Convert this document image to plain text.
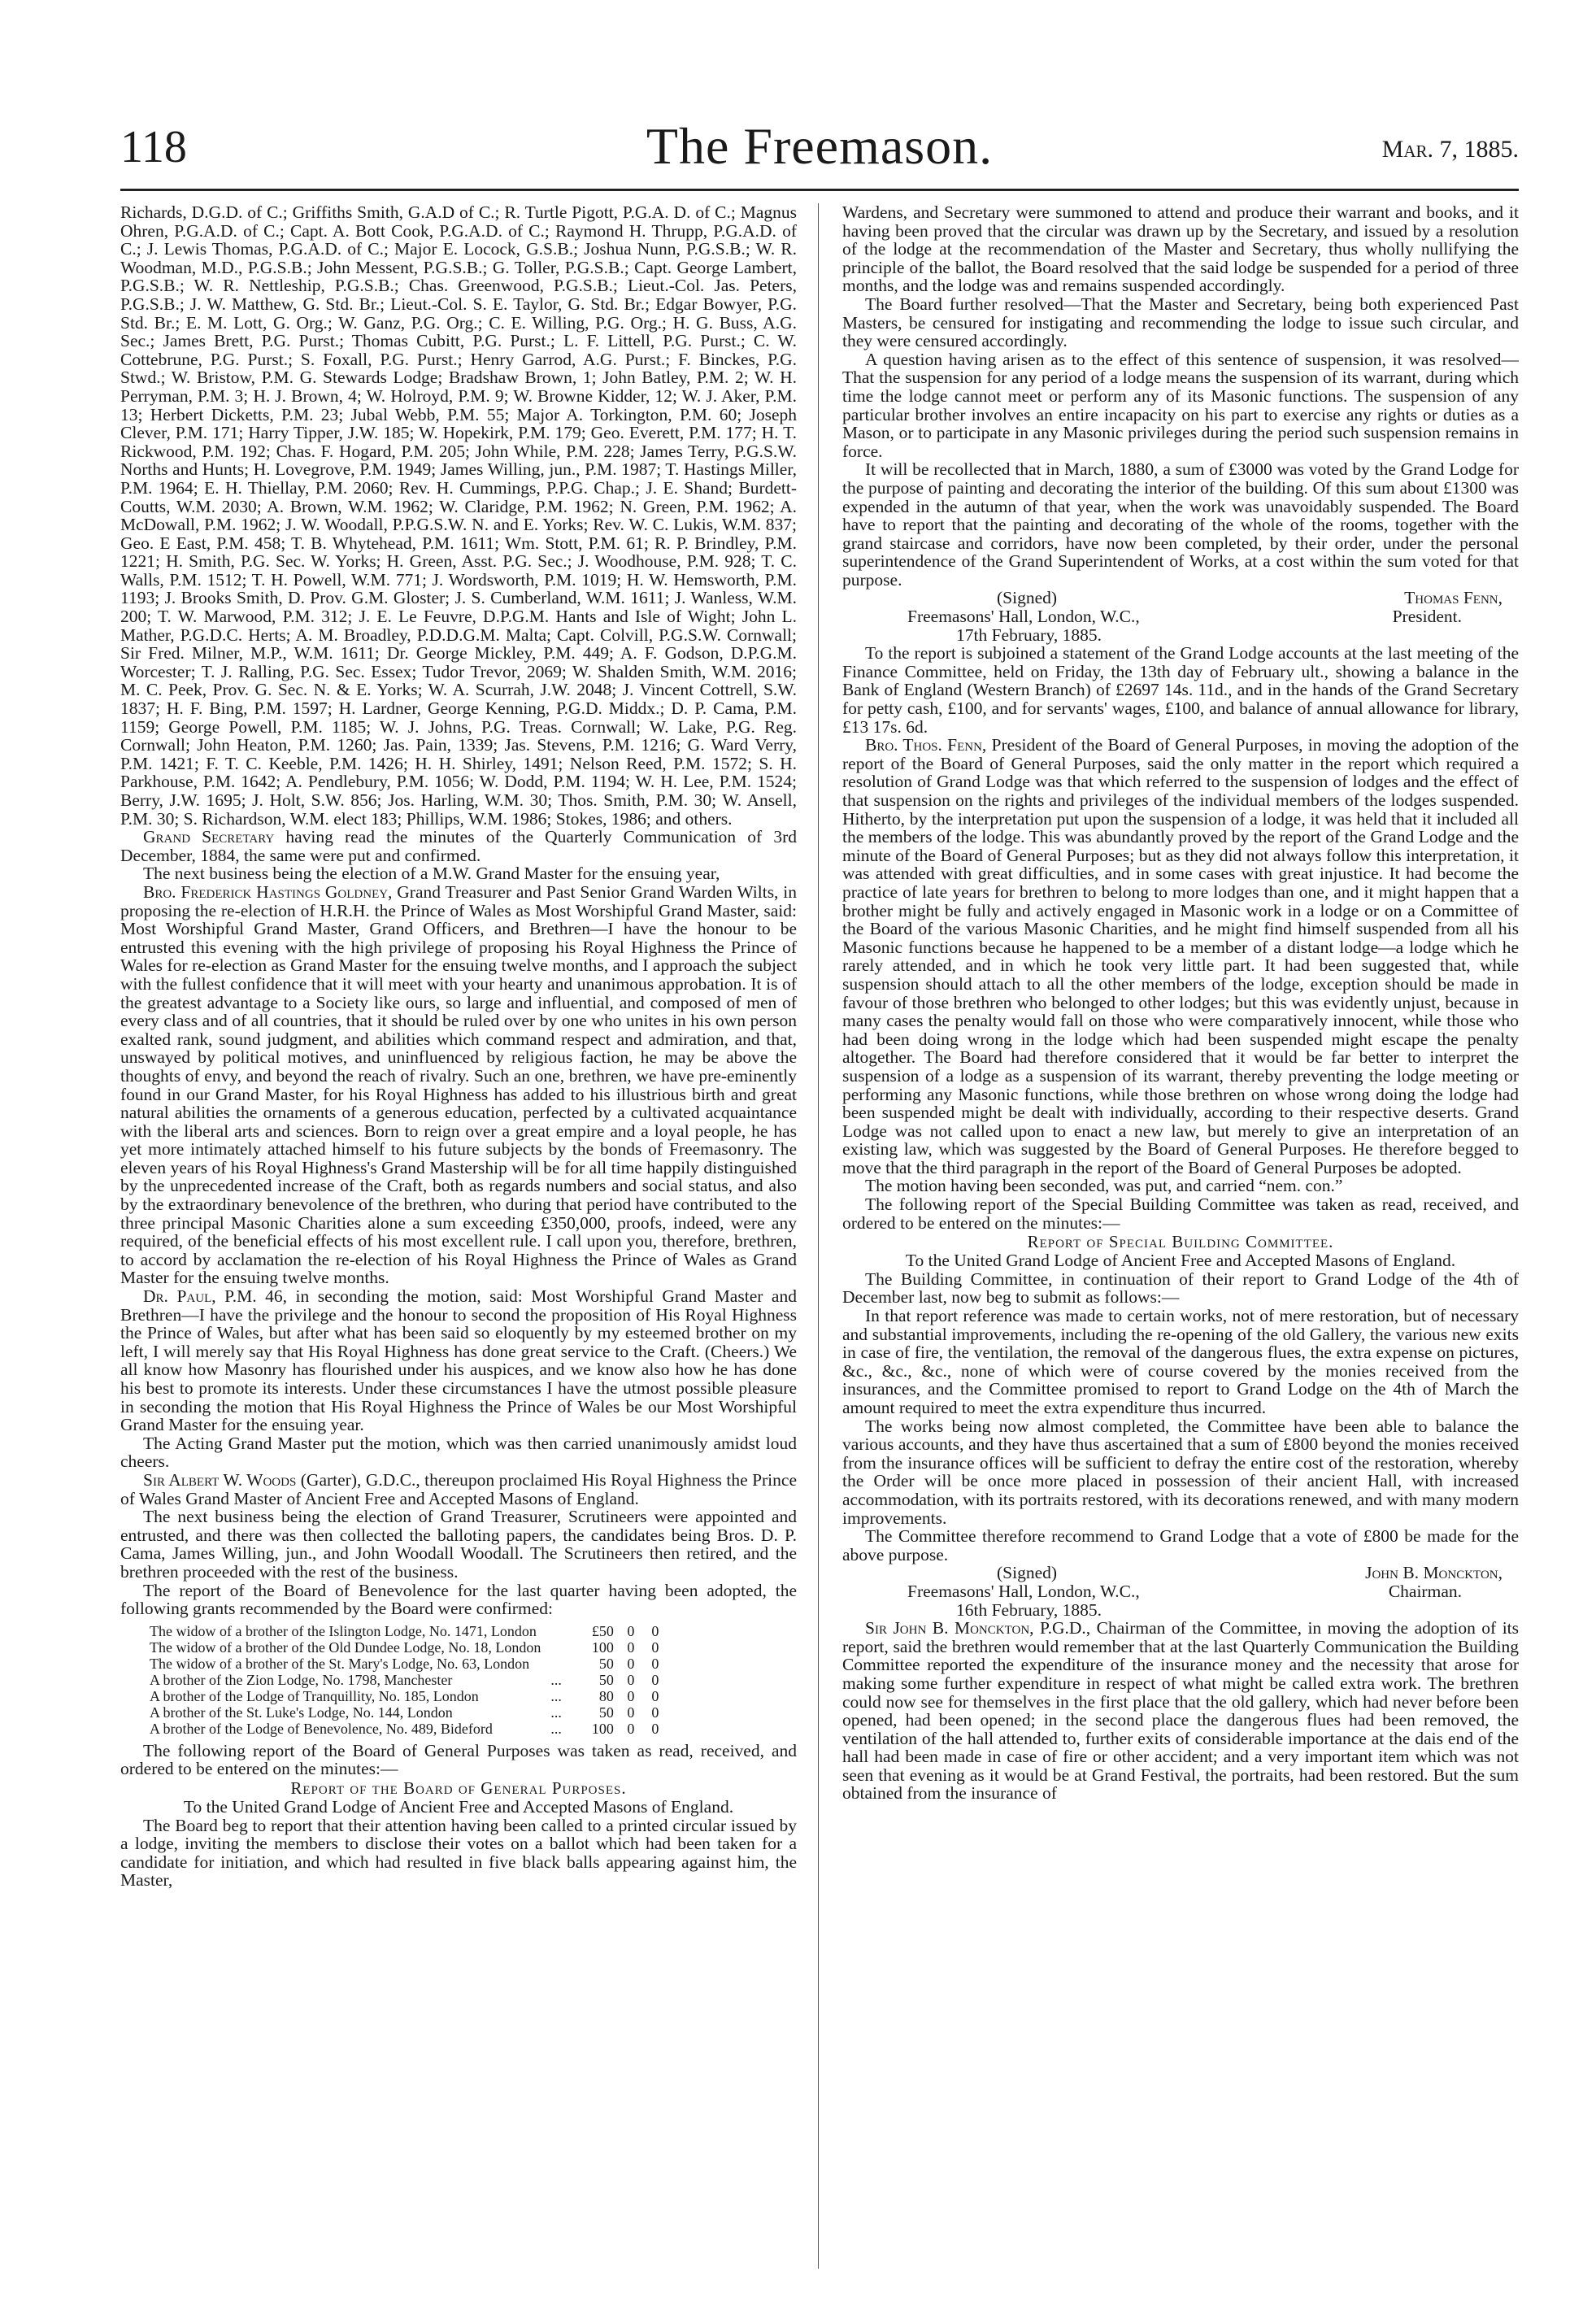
118	The Freemason.	Mar. 7, 1885.

Richards, D.G.D. of C.; Griffiths Smith, G.A.D of C.; R. Turtle Pigott, P.G.A. D. of C.; Magnus Ohren, P.G.A.D. of C.; Capt. A. Bott Cook, P.G.A.D. of C.; Raymond H. Thrupp, P.G.A.D. of C.; J. Lewis Thomas, P.G.A.D. of C.; Major E. Locock, G.S.B.; Joshua Nunn, P.G.S.B.; W. R. Woodman, M.D., P.G.S.B.; John Messent, P.G.S.B.; G. Toller, P.G.S.B.; Capt. George Lambert, P.G.S.B.; W. R. Nettleship, P.G.S.B.; Chas. Greenwood, P.G.S.B.; Lieut.-Col. Jas. Peters, P.G.S.B.; J. W. Matthew, G. Std. Br.; Lieut.-Col. S. E. Taylor, G. Std. Br.; Edgar Bowyer, P.G. Std. Br.; E. M. Lott, G. Org.; W. Ganz, P.G. Org.; C. E. Willing, P.G. Org.; H. G. Buss, A.G. Sec.; James Brett, P.G. Purst.; Thomas Cubitt, P.G. Purst.; L. F. Littell, P.G. Purst.; C. W. Cottebrune, P.G. Purst.; S. Foxall, P.G. Purst.; Henry Garrod, A.G. Purst.; F. Binckes, P.G. Stwd.; W. Bristow, P.M. G. Stewards Lodge; Bradshaw Brown, 1; John Batley, P.M. 2; W. H. Perryman, P.M. 3; H. J. Brown, 4; W. Holroyd, P.M. 9; W. Browne Kidder, 12; W. J. Aker, P.M. 13; Herbert Dicketts, P.M. 23; Jubal Webb, P.M. 55; Major A. Torkington, P.M. 60; Joseph Clever, P.M. 171; Harry Tipper, J.W. 185; W. Hopekirk, P.M. 179; Geo. Everett, P.M. 177; H. T. Rickwood, P.M. 192; Chas. F. Hogard, P.M. 205; John While, P.M. 228; James Terry, P.G.S.W. Norths and Hunts; H. Lovegrove, P.M. 1949; James Willing, jun., P.M. 1987; T. Hastings Miller, P.M. 1964; E. H. Thiellay, P.M. 2060; Rev. H. Cummings, P.P.G. Chap.; J. E. Shand; Burdett-Coutts, W.M. 2030; A. Brown, W.M. 1962; W. Claridge, P.M. 1962; N. Green, P.M. 1962; A. McDowall, P.M. 1962; J. W. Woodall, P.P.G.S.W. N. and E. Yorks; Rev. W. C. Lukis, W.M. 837; Geo. E East, P.M. 458; T. B. Whytehead, P.M. 1611; Wm. Stott, P.M. 61; R. P. Brindley, P.M. 1221; H. Smith, P.G. Sec. W. Yorks; H. Green, Asst. P.G. Sec.; J. Woodhouse, P.M. 928; T. C. Walls, P.M. 1512; T. H. Powell, W.M. 771; J. Wordsworth, P.M. 1019; H. W. Hemsworth, P.M. 1193; J. Brooks Smith, D. Prov. G.M. Gloster; J. S. Cumberland, W.M. 1611; J. Wanless, W.M. 200; T. W. Marwood, P.M. 312; J. E. Le Feuvre, D.P.G.M. Hants and Isle of Wight; John L. Mather, P.G.D.C. Herts; A. M. Broadley, P.D.D.G.M. Malta; Capt. Colvill, P.G.S.W. Cornwall; Sir Fred. Milner, M.P., W.M. 1611; Dr. George Mickley, P.M. 449; A. F. Godson, D.P.G.M. Worcester; T. J. Ralling, P.G. Sec. Essex; Tudor Trevor, 2069; W. Shalden Smith, W.M. 2016; M. C. Peek, Prov. G. Sec. N. & E. Yorks; W. A. Scurrah, J.W. 2048; J. Vincent Cottrell, S.W. 1837; H. F. Bing, P.M. 1597; H. Lardner, George Kenning, P.G.D. Middx.; D. P. Cama, P.M. 1159; George Powell, P.M. 1185; W. J. Johns, P.G. Treas. Cornwall; W. Lake, P.G. Reg. Cornwall; John Heaton, P.M. 1260; Jas. Pain, 1339; Jas. Stevens, P.M. 1216; G. Ward Verry, P.M. 1421; F. T. C. Keeble, P.M. 1426; H. H. Shirley, 1491; Nelson Reed, P.M. 1572; S. H. Parkhouse, P.M. 1642; A. Pendlebury, P.M. 1056; W. Dodd, P.M. 1194; W. H. Lee, P.M. 1524; Berry, J.W. 1695; J. Holt, S.W. 856; Jos. Harling, W.M. 30; Thos. Smith, P.M. 30; W. Ansell, P.M. 30; S. Richardson, W.M. elect 183; Phillips, W.M. 1986; Stokes, 1986; and others.

Grand Secretary having read the minutes of the Quarterly Communication of 3rd December, 1884, the same were put and confirmed.

The next business being the election of a M.W. Grand Master for the ensuing year,

Bro. Frederick Hastings Goldney, Grand Treasurer and Past Senior Grand Warden Wilts, in proposing the re-election of H.R.H. the Prince of Wales as Most Worshipful Grand Master, said: Most Worshipful Grand Master, Grand Officers, and Brethren—I have the honour to be entrusted this evening with the high privilege of proposing his Royal Highness the Prince of Wales for re-election as Grand Master for the ensuing twelve months, and I approach the subject with the fullest confidence that it will meet with your hearty and unanimous approbation. It is of the greatest advantage to a Society like ours, so large and influential, and composed of men of every class and of all countries, that it should be ruled over by one who unites in his own person exalted rank, sound judgment, and abilities which command respect and admiration, and that, unswayed by political motives, and uninfluenced by religious faction, he may be above the thoughts of envy, and beyond the reach of rivalry. Such an one, brethren, we have pre-eminently found in our Grand Master, for his Royal Highness has added to his illustrious birth and great natural abilities the ornaments of a generous education, perfected by a cultivated acquaintance with the liberal arts and sciences. Born to reign over a great empire and a loyal people, he has yet more intimately attached himself to his future subjects by the bonds of Freemasonry. The eleven years of his Royal Highness's Grand Mastership will be for all time happily distinguished by the unprecedented increase of the Craft, both as regards numbers and social status, and also by the extraordinary benevolence of the brethren, who during that period have contributed to the three principal Masonic Charities alone a sum exceeding £350,000, proofs, indeed, were any required, of the beneficial effects of his most excellent rule. I call upon you, therefore, brethren, to accord by acclamation the re-election of his Royal Highness the Prince of Wales as Grand Master for the ensuing twelve months.

Dr. Paul, P.M. 46, in seconding the motion, said: Most Worshipful Grand Master and Brethren—I have the privilege and the honour to second the proposition of His Royal Highness the Prince of Wales, but after what has been said so eloquently by my esteemed brother on my left, I will merely say that His Royal Highness has done great service to the Craft. (Cheers.) We all know how Masonry has flourished under his auspices, and we know also how he has done his best to promote its interests. Under these circumstances I have the utmost possible pleasure in seconding the motion that His Royal Highness the Prince of Wales be our Most Worshipful Grand Master for the ensuing year.

The Acting Grand Master put the motion, which was then carried unanimously amidst loud cheers.

Sir Albert W. Woods (Garter), G.D.C., thereupon proclaimed His Royal Highness the Prince of Wales Grand Master of Ancient Free and Accepted Masons of England.

The next business being the election of Grand Treasurer, Scrutineers were appointed and entrusted, and there was then collected the balloting papers, the candidates being Bros. D. P. Cama, James Willing, jun., and John Woodall Woodall. The Scrutineers then retired, and the brethren proceeded with the rest of the business.

The report of the Board of Benevolence for the last quarter having been adopted, the following grants recommended by the Board were confirmed:

The widow of a brother of the Islington Lodge, No. 1471, London		£50	0	0
The widow of a brother of the Old Dundee Lodge, No. 18, London		100	0	0
The widow of a brother of the St. Mary's Lodge, No. 63, London		50	0	0
A brother of the Zion Lodge, No. 1798, Manchester	...	50	0	0
A brother of the Lodge of Tranquillity, No. 185, London	...	80	0	0
A brother of the St. Luke's Lodge, No. 144, London	...	50	0	0
A brother of the Lodge of Benevolence, No. 489, Bideford	...	100	0	0

The following report of the Board of General Purposes was taken as read, received, and ordered to be entered on the minutes:—

Report of the Board of General Purposes.

To the United Grand Lodge of Ancient Free and Accepted Masons of England.

The Board beg to report that their attention having been called to a printed circular issued by a lodge, inviting the members to disclose their votes on a ballot which had been taken for a candidate for initiation, and which had resulted in five black balls appearing against him, the Master,

Wardens, and Secretary were summoned to attend and produce their warrant and books, and it having been proved that the circular was drawn up by the Secretary, and issued by a resolution of the lodge at the recommendation of the Master and Secretary, thus wholly nullifying the principle of the ballot, the Board resolved that the said lodge be suspended for a period of three months, and the lodge was and remains suspended accordingly.

The Board further resolved—That the Master and Secretary, being both experienced Past Masters, be censured for instigating and recommending the lodge to issue such circular, and they were censured accordingly.

A question having arisen as to the effect of this sentence of suspension, it was resolved—That the suspension for any period of a lodge means the suspension of its warrant, during which time the lodge cannot meet or perform any of its Masonic functions. The suspension of any particular brother involves an entire incapacity on his part to exercise any rights or duties as a Mason, or to participate in any Masonic privileges during the period such suspension remains in force.

It will be recollected that in March, 1880, a sum of £3000 was voted by the Grand Lodge for the purpose of painting and decorating the interior of the building. Of this sum about £1300 was expended in the autumn of that year, when the work was unavoidably suspended. The Board have to report that the painting and decorating of the whole of the rooms, together with the grand staircase and corridors, have now been completed, by their order, under the personal superintendence of the Grand Superintendent of Works, at a cost within the sum voted for that purpose.

(Signed)	Thomas Fenn,
Freemasons' Hall, London, W.C.,	President.
17th February, 1885.

To the report is subjoined a statement of the Grand Lodge accounts at the last meeting of the Finance Committee, held on Friday, the 13th day of February ult., showing a balance in the Bank of England (Western Branch) of £2697 14s. 11d., and in the hands of the Grand Secretary for petty cash, £100, and for servants' wages, £100, and balance of annual allowance for library, £13 17s. 6d.

Bro. Thos. Fenn, President of the Board of General Purposes, in moving the adoption of the report of the Board of General Purposes, said the only matter in the report which required a resolution of Grand Lodge was that which referred to the suspension of lodges and the effect of that suspension on the rights and privileges of the individual members of the lodges suspended. Hitherto, by the interpretation put upon the suspension of a lodge, it was held that it included all the members of the lodge. This was abundantly proved by the report of the Grand Lodge and the minute of the Board of General Purposes; but as they did not always follow this interpretation, it was attended with great difficulties, and in some cases with great injustice. It had become the practice of late years for brethren to belong to more lodges than one, and it might happen that a brother might be fully and actively engaged in Masonic work in a lodge or on a Committee of the Board of the various Masonic Charities, and he might find himself suspended from all his Masonic functions because he happened to be a member of a distant lodge—a lodge which he rarely attended, and in which he took very little part. It had been suggested that, while suspension should attach to all the other members of the lodge, exception should be made in favour of those brethren who belonged to other lodges; but this was evidently unjust, because in many cases the penalty would fall on those who were comparatively innocent, while those who had been doing wrong in the lodge which had been suspended might escape the penalty altogether. The Board had therefore considered that it would be far better to interpret the suspension of a lodge as a suspension of its warrant, thereby preventing the lodge meeting or performing any Masonic functions, while those brethren on whose wrong doing the lodge had been suspended might be dealt with individually, according to their respective deserts. Grand Lodge was not called upon to enact a new law, but merely to give an interpretation of an existing law, which was suggested by the Board of General Purposes. He therefore begged to move that the third paragraph in the report of the Board of General Purposes be adopted.

The motion having been seconded, was put, and carried “nem. con.”

The following report of the Special Building Committee was taken as read, received, and ordered to be entered on the minutes:—

Report of Special Building Committee.

To the United Grand Lodge of Ancient Free and Accepted Masons of England.

The Building Committee, in continuation of their report to Grand Lodge of the 4th of December last, now beg to submit as follows:—

In that report reference was made to certain works, not of mere restoration, but of necessary and substantial improvements, including the re-opening of the old Gallery, the various new exits in case of fire, the ventilation, the removal of the dangerous flues, the extra expense on pictures, &c., &c., &c., none of which were of course covered by the monies received from the insurances, and the Committee promised to report to Grand Lodge on the 4th of March the amount required to meet the extra expenditure thus incurred.

The works being now almost completed, the Committee have been able to balance the various accounts, and they have thus ascertained that a sum of £800 beyond the monies received from the insurance offices will be sufficient to defray the entire cost of the restoration, whereby the Order will be once more placed in possession of their ancient Hall, with increased accommodation, with its portraits restored, with its decorations renewed, and with many modern improvements.

The Committee therefore recommend to Grand Lodge that a vote of £800 be made for the above purpose.

(Signed)	John B. Monckton,
Freemasons' Hall, London, W.C.,	Chairman.
16th February, 1885.

Sir John B. Monckton, P.G.D., Chairman of the Committee, in moving the adoption of its report, said the brethren would remember that at the last Quarterly Communication the Building Committee reported the expenditure of the insurance money and the necessity that arose for making some further expenditure in respect of what might be called extra work. The brethren could now see for themselves in the first place that the old gallery, which had never before been opened, had been opened; in the second place the dangerous flues had been removed, the ventilation of the hall attended to, further exits of considerable importance at the dais end of the hall had been made in case of fire or other accident; and a very important item which was not seen that evening as it would be at Grand Festival, the portraits, had been restored. But the sum obtained from the insurance of
